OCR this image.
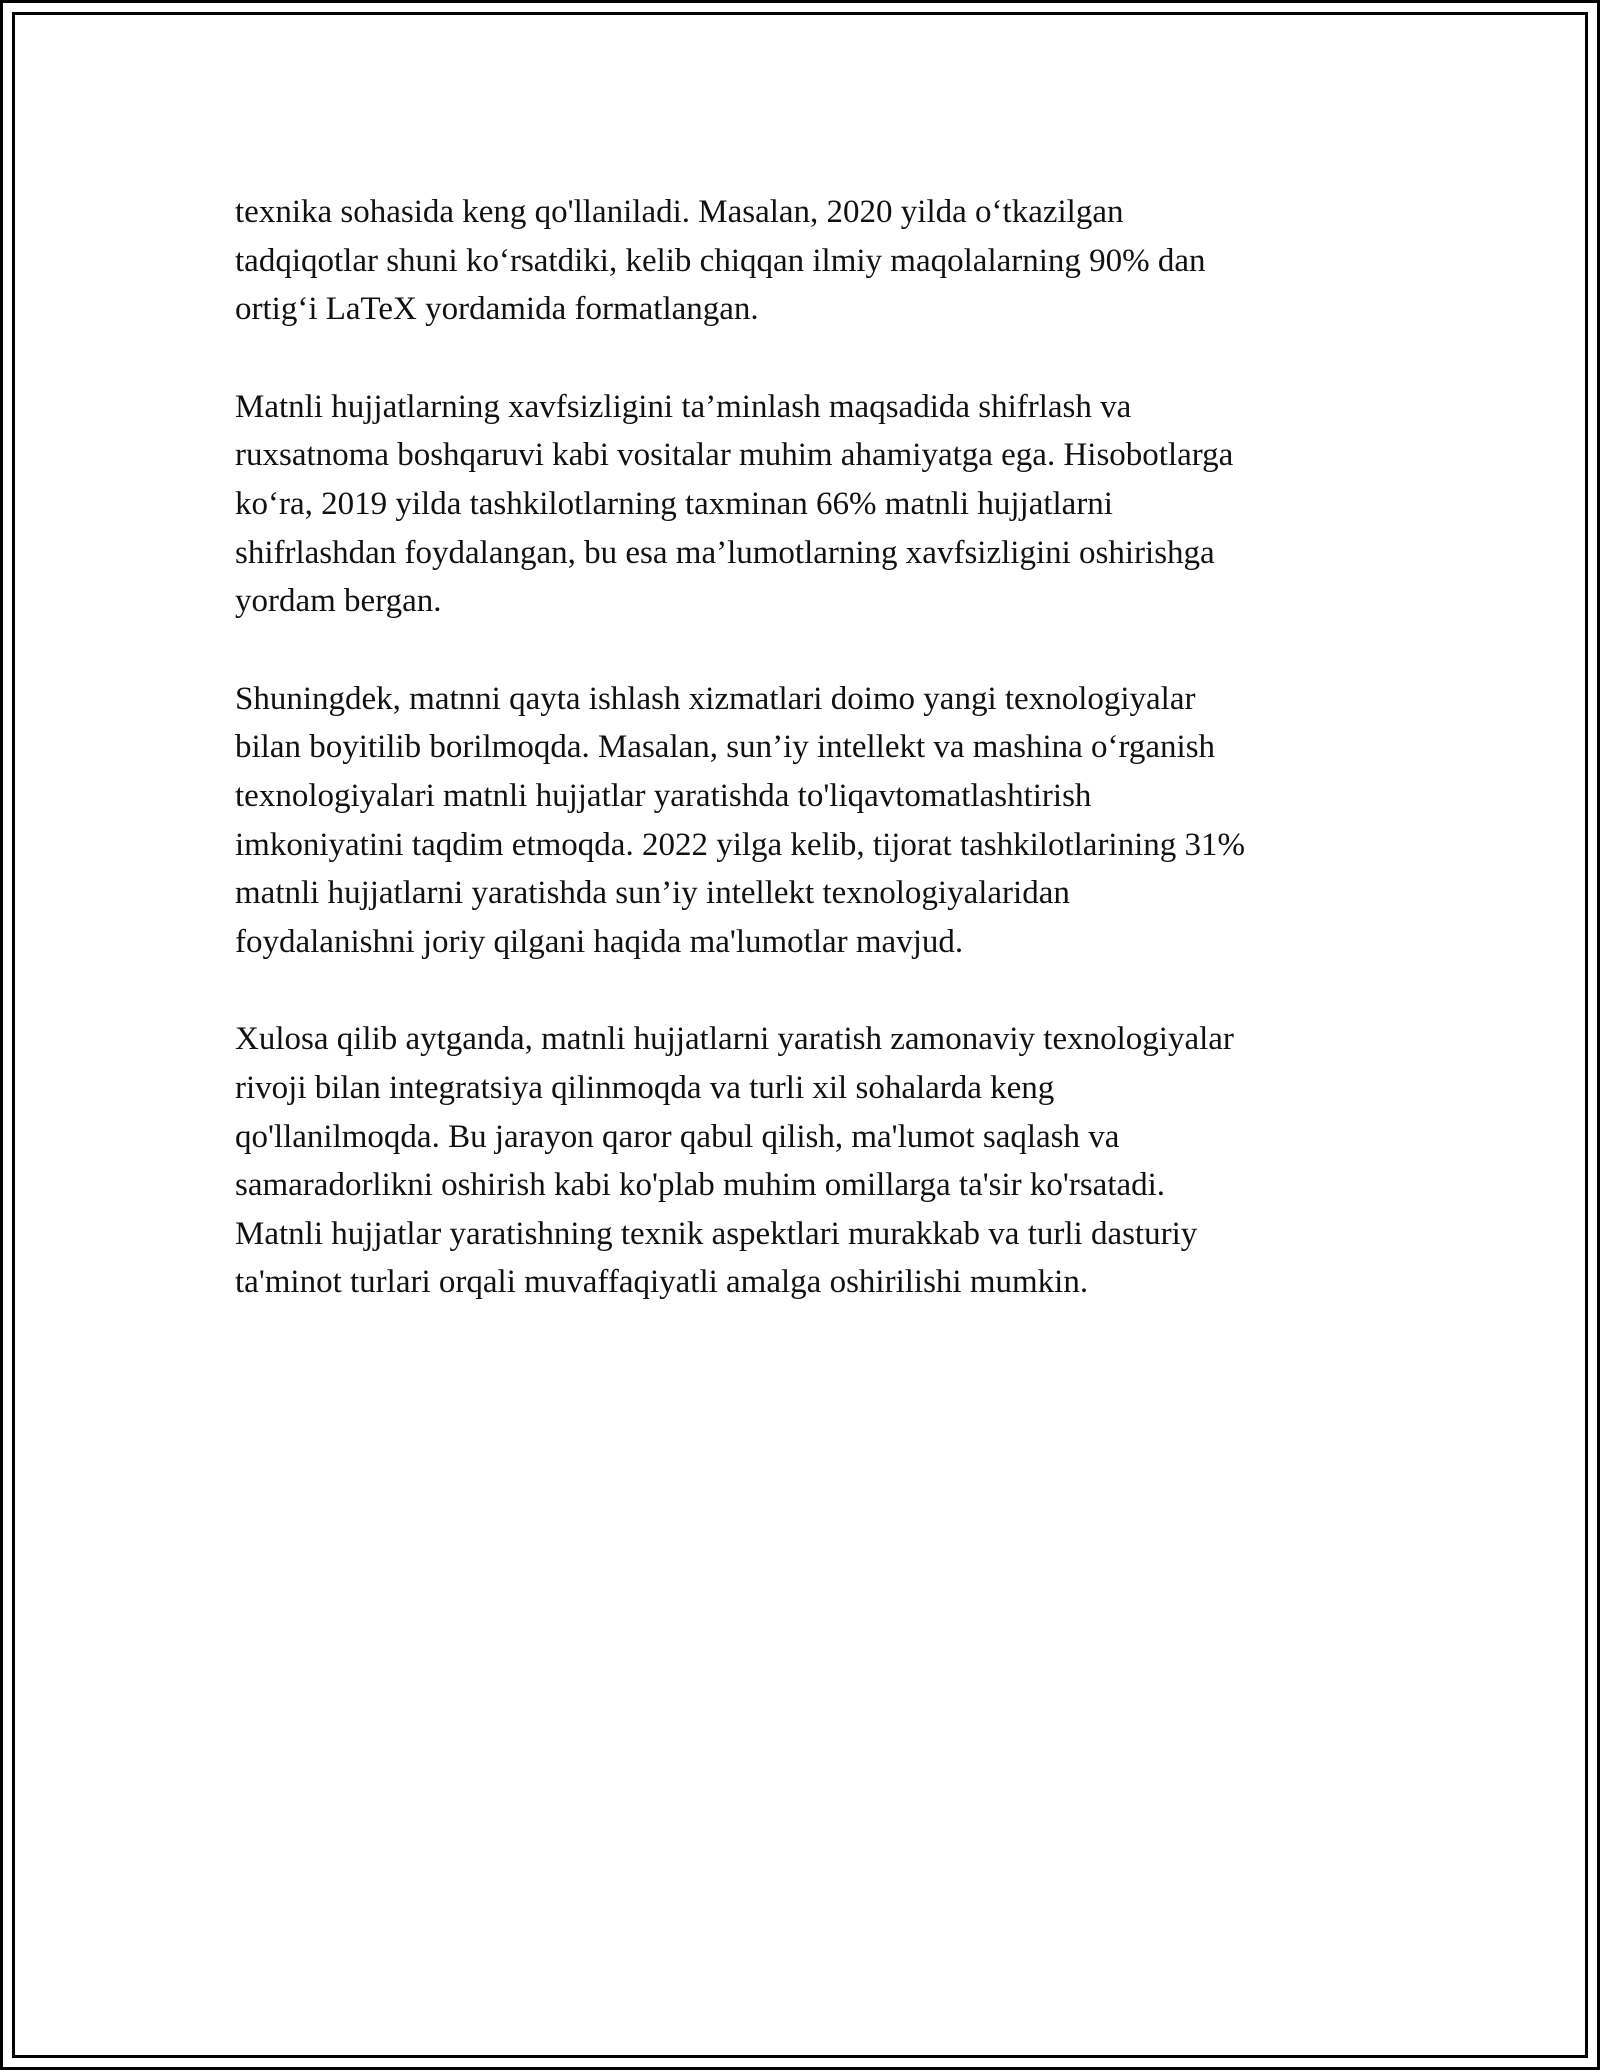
texnika sohasida keng qo'llaniladi. Masalan, 2020 yilda o‘tkazilgan
tadqiqotlar shuni ko‘rsatdiki, kelib chiqqan ilmiy maqolalarning 90% dan
ortig‘i LaTeX yordamida formatlangan.

Matnli hujjatlarning xavfsizligini ta’minlash maqsadida shifrlash va
ruxsatnoma boshqaruvi kabi vositalar muhim ahamiyatga ega. Hisobotlarga
ko‘ra, 2019 yilda tashkilotlarning taxminan 66% matnli hujjatlarni
shifrlashdan foydalangan, bu esa ma’lumotlarning xavfsizligini oshirishga
yordam bergan.

Shuningdek, matnni qayta ishlash xizmatlari doimo yangi texnologiyalar
bilan boyitilib borilmoqda. Masalan, sun’iy intellekt va mashina o‘rganish
texnologiyalari matnli hujjatlar yaratishda to'liqavtomatlashtirish
imkoniyatini taqdim etmoqda. 2022 yilga kelib, tijorat tashkilotlarining 31%
matnli hujjatlarni yaratishda sun’iy intellekt texnologiyalaridan
foydalanishni joriy qilgani haqida ma'lumotlar mavjud.

Xulosa qilib aytganda, matnli hujjatlarni yaratish zamonaviy texnologiyalar
rivoji bilan integratsiya qilinmoqda va turli xil sohalarda keng
qo'llanilmoqda. Bu jarayon qaror qabul qilish, ma'lumot saqlash va
samaradorlikni oshirish kabi ko'plab muhim omillarga ta'sir ko'rsatadi.
Matnli hujjatlar yaratishning texnik aspektlari murakkab va turli dasturiy
ta'minot turlari orqali muvaffaqiyatli amalga oshirilishi mumkin.
